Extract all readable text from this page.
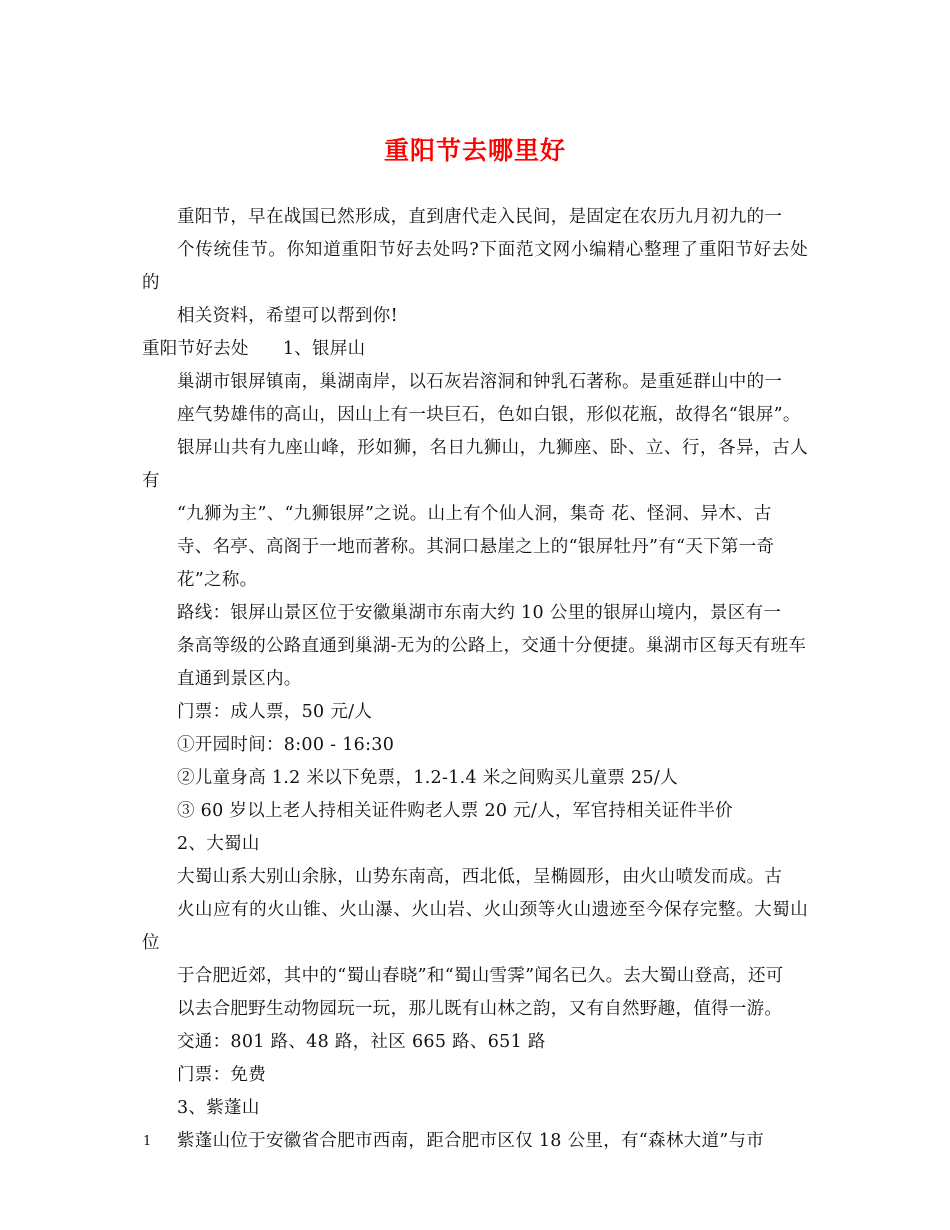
重阳节去哪里好

重阳节，早在战国已然形成，直到唐代走入民间，是固定在农历九月初九的一
个传统佳节。你知道重阳节好去处吗?下面范文网小编精心整理了重阳节好去处的
相关资料，希望可以帮到你!

重阳节好去处 1、银屏山

巢湖市银屏镇南，巢湖南岸，以石灰岩溶洞和钟乳石著称。是重延群山中的一
座气势雄伟的高山，因山上有一块巨石，色如白银，形似花瓶，故得名“银屏”。
银屏山共有九座山峰，形如狮，名日九狮山，九狮座、卧、立、行，各异，古人有
“九狮为主”、“九狮银屏”之说。山上有个仙人洞，集奇 花、怪洞、异木、古
寺、名亭、高阁于一地而著称。其洞口悬崖之上的“银屏牡丹”有“天下第一奇
花”之称。

路线：银屏山景区位于安徽巢湖市东南大约 10 公里的银屏山境内，景区有一
条高等级的公路直通到巢湖-无为的公路上，交通十分便捷。巢湖市区每天有班车
直通到景区内。

门票：成人票，50 元/人

①开园时间：8:00 - 16:30

②儿童身高 1.2 米以下免票，1.2-1.4 米之间购买儿童票 25/人

③ 60 岁以上老人持相关证件购老人票 20 元/人，军官持相关证件半价

2、大蜀山

大蜀山系大别山余脉，山势东南高，西北低，呈椭圆形，由火山喷发而成。古
火山应有的火山锥、火山瀑、火山岩、火山颈等火山遗迹至今保存完整。大蜀山位
于合肥近郊，其中的“蜀山春晓”和“蜀山雪霁”闻名已久。去大蜀山登高，还可
以去合肥野生动物园玩一玩，那儿既有山林之韵，又有自然野趣，值得一游。

交通：801 路、48 路，社区 665 路、651 路

门票：免费

3、紫蓬山

紫蓬山位于安徽省合肥市西南，距合肥市区仅 18 公里，有“森林大道”与市

1
